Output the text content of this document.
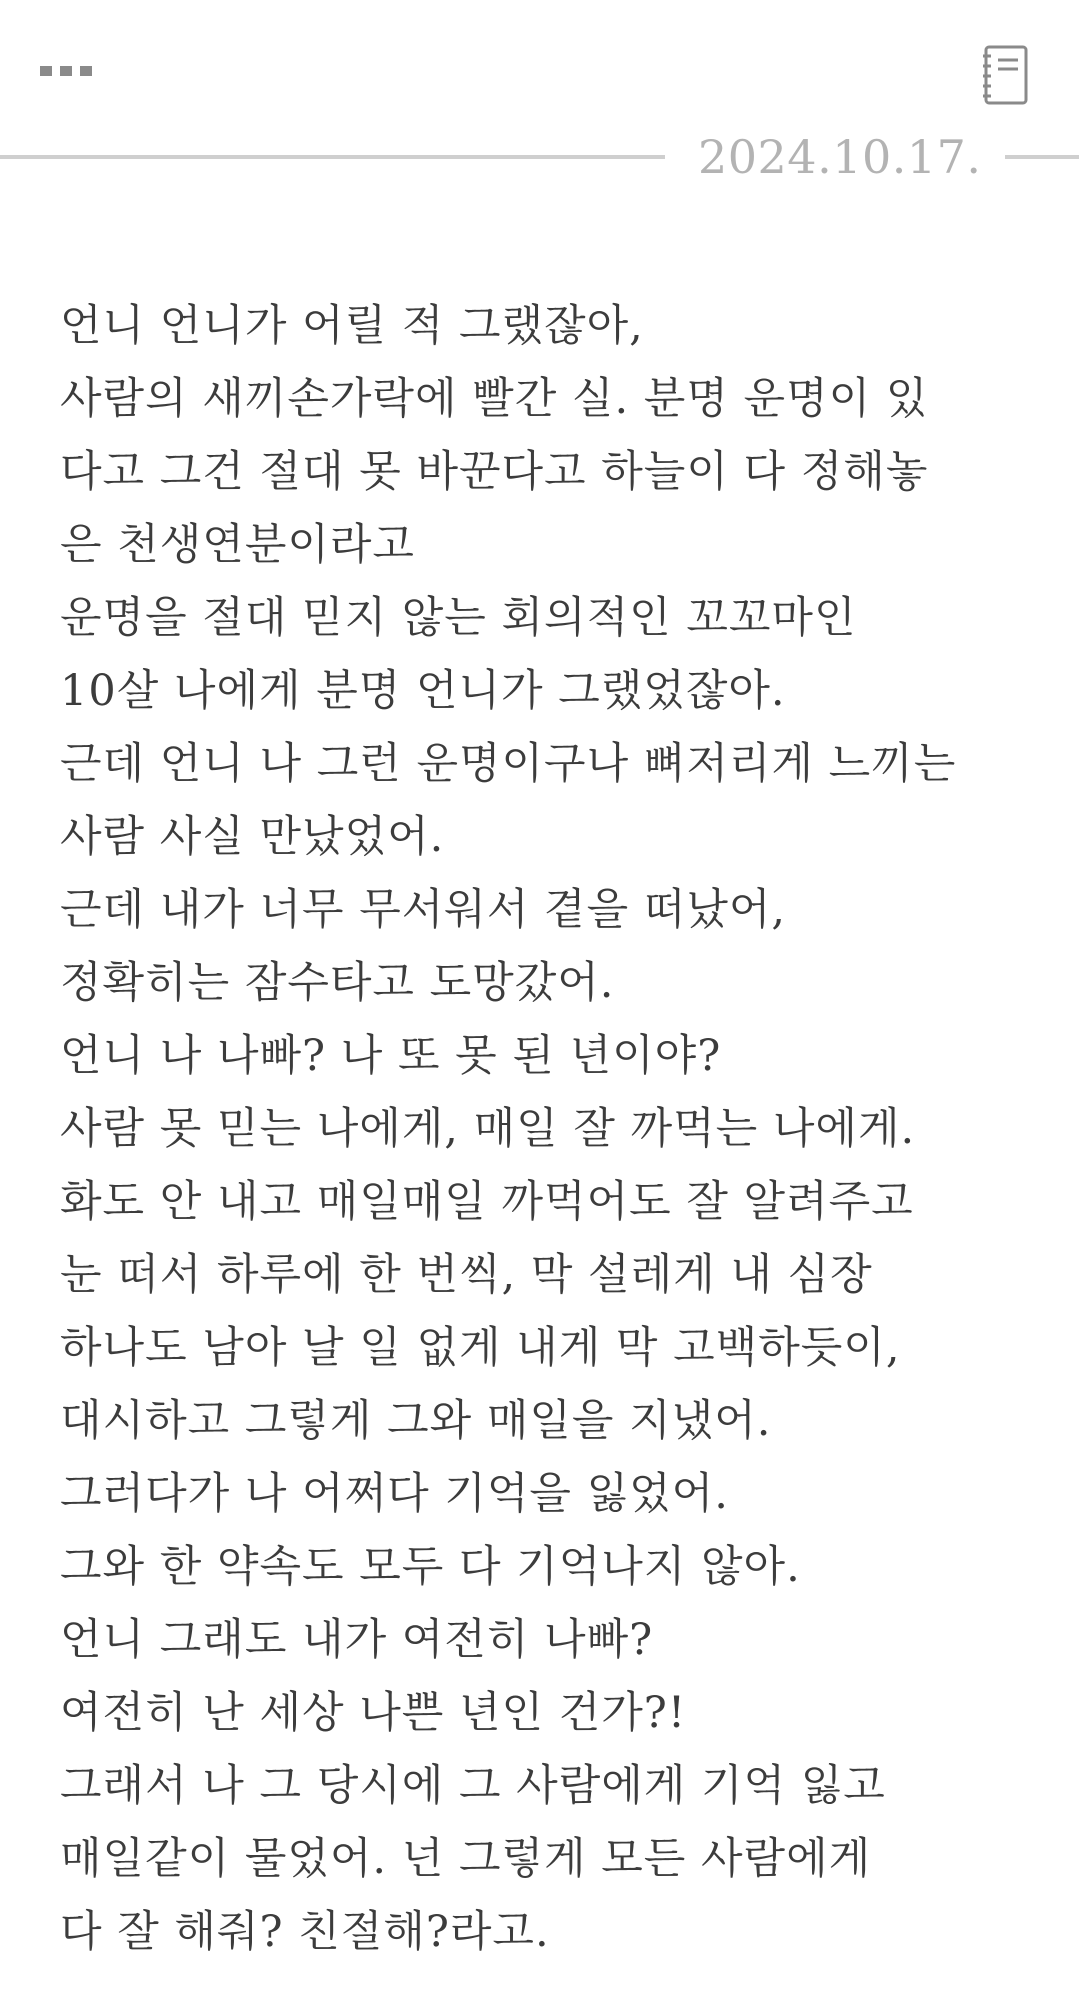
2024.10.17.
언니 언니가 어릴 적 그랬잖아,
사람의 새끼손가락에 빨간 실. 분명 운명이 있
다고 그건 절대 못 바꾼다고 하늘이 다 정해놓
은 천생연분이라고
운명을 절대 믿지 않는 회의적인 꼬꼬마인
10살 나에게 분명 언니가 그랬었잖아.
근데 언니 나 그런 운명이구나 뼈저리게 느끼는
사람 사실 만났었어.
근데 내가 너무 무서워서 곁을 떠났어,
정확히는 잠수타고 도망갔어.
언니 나 나빠? 나 또 못 된 년이야?
사람 못 믿는 나에게, 매일 잘 까먹는 나에게.
화도 안 내고 매일매일 까먹어도 잘 알려주고
눈 떠서 하루에 한 번씩, 막 설레게 내 심장
하나도 남아 날 일 없게 내게 막 고백하듯이,
대시하고 그렇게 그와 매일을 지냈어.
그러다가 나 어쩌다 기억을 잃었어.
그와 한 약속도 모두 다 기억나지 않아.
언니 그래도 내가 여전히 나빠?
여전히 난 세상 나쁜 년인 건가?!
그래서 나 그 당시에 그 사람에게 기억 잃고
매일같이 물었어. 넌 그렇게 모든 사람에게
다 잘 해줘? 친절해?라고.
